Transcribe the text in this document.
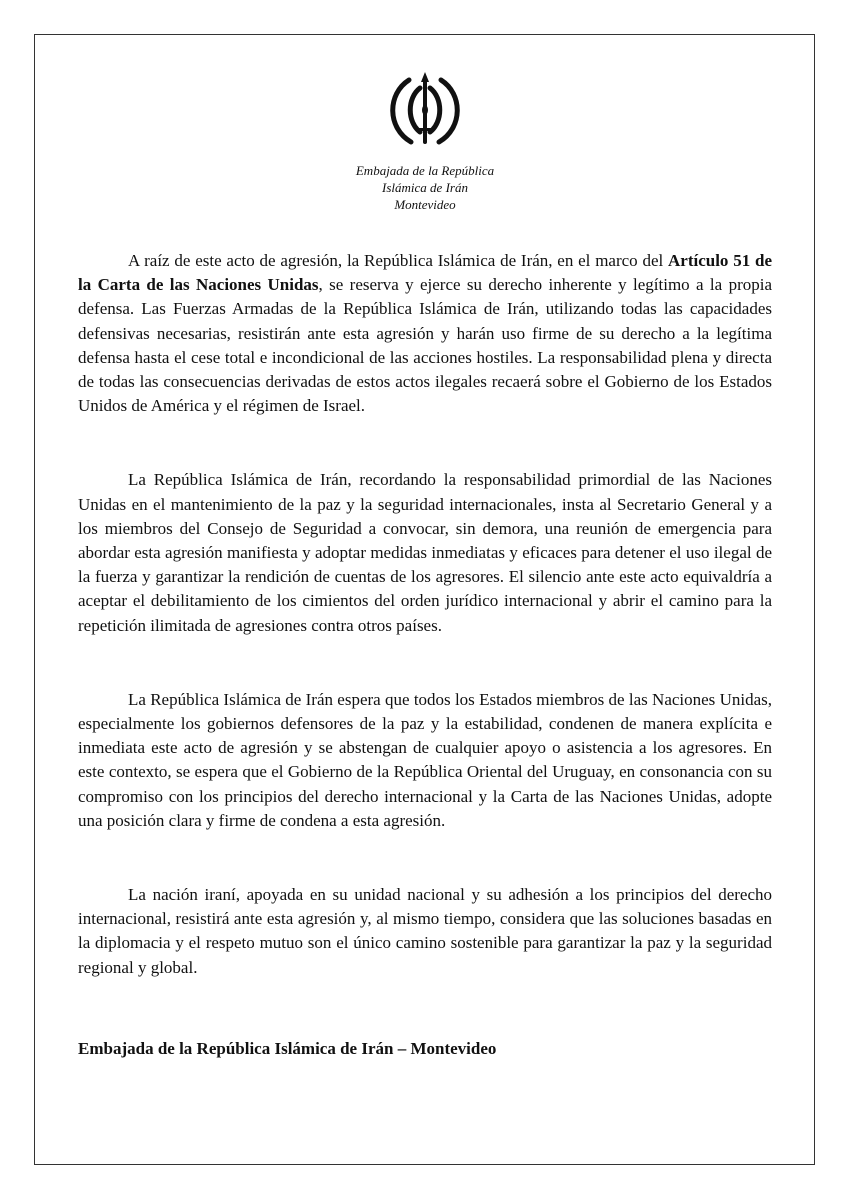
Embajada de la República
Islámica de Irán
Montevideo

A raíz de este acto de agresión, la República Islámica de Irán, en el marco del Artículo 51 de la Carta de las Naciones Unidas, se reserva y ejerce su derecho inherente y legítimo a la propia defensa. Las Fuerzas Armadas de la República Islámica de Irán, utilizando todas las capacidades defensivas necesarias, resistirán ante esta agresión y harán uso firme de su derecho a la legítima defensa hasta el cese total e incondicional de las acciones hostiles. La responsabilidad plena y directa de todas las consecuencias derivadas de estos actos ilegales recaerá sobre el Gobierno de los Estados Unidos de América y el régimen de Israel.

La República Islámica de Irán, recordando la responsabilidad primordial de las Naciones Unidas en el mantenimiento de la paz y la seguridad internacionales, insta al Secretario General y a los miembros del Consejo de Seguridad a convocar, sin demora, una reunión de emergencia para abordar esta agresión manifiesta y adoptar medidas inmediatas y eficaces para detener el uso ilegal de la fuerza y garantizar la rendición de cuentas de los agresores. El silencio ante este acto equivaldría a aceptar el debilitamiento de los cimientos del orden jurídico internacional y abrir el camino para la repetición ilimitada de agresiones contra otros países.

La República Islámica de Irán espera que todos los Estados miembros de las Naciones Unidas, especialmente los gobiernos defensores de la paz y la estabilidad, condenen de manera explícita e inmediata este acto de agresión y se abstengan de cualquier apoyo o asistencia a los agresores. En este contexto, se espera que el Gobierno de la República Oriental del Uruguay, en consonancia con su compromiso con los principios del derecho internacional y la Carta de las Naciones Unidas, adopte una posición clara y firme de condena a esta agresión.

La nación iraní, apoyada en su unidad nacional y su adhesión a los principios del derecho internacional, resistirá ante esta agresión y, al mismo tiempo, considera que las soluciones basadas en la diplomacia y el respeto mutuo son el único camino sostenible para garantizar la paz y la seguridad regional y global.

Embajada de la República Islámica de Irán – Montevideo
